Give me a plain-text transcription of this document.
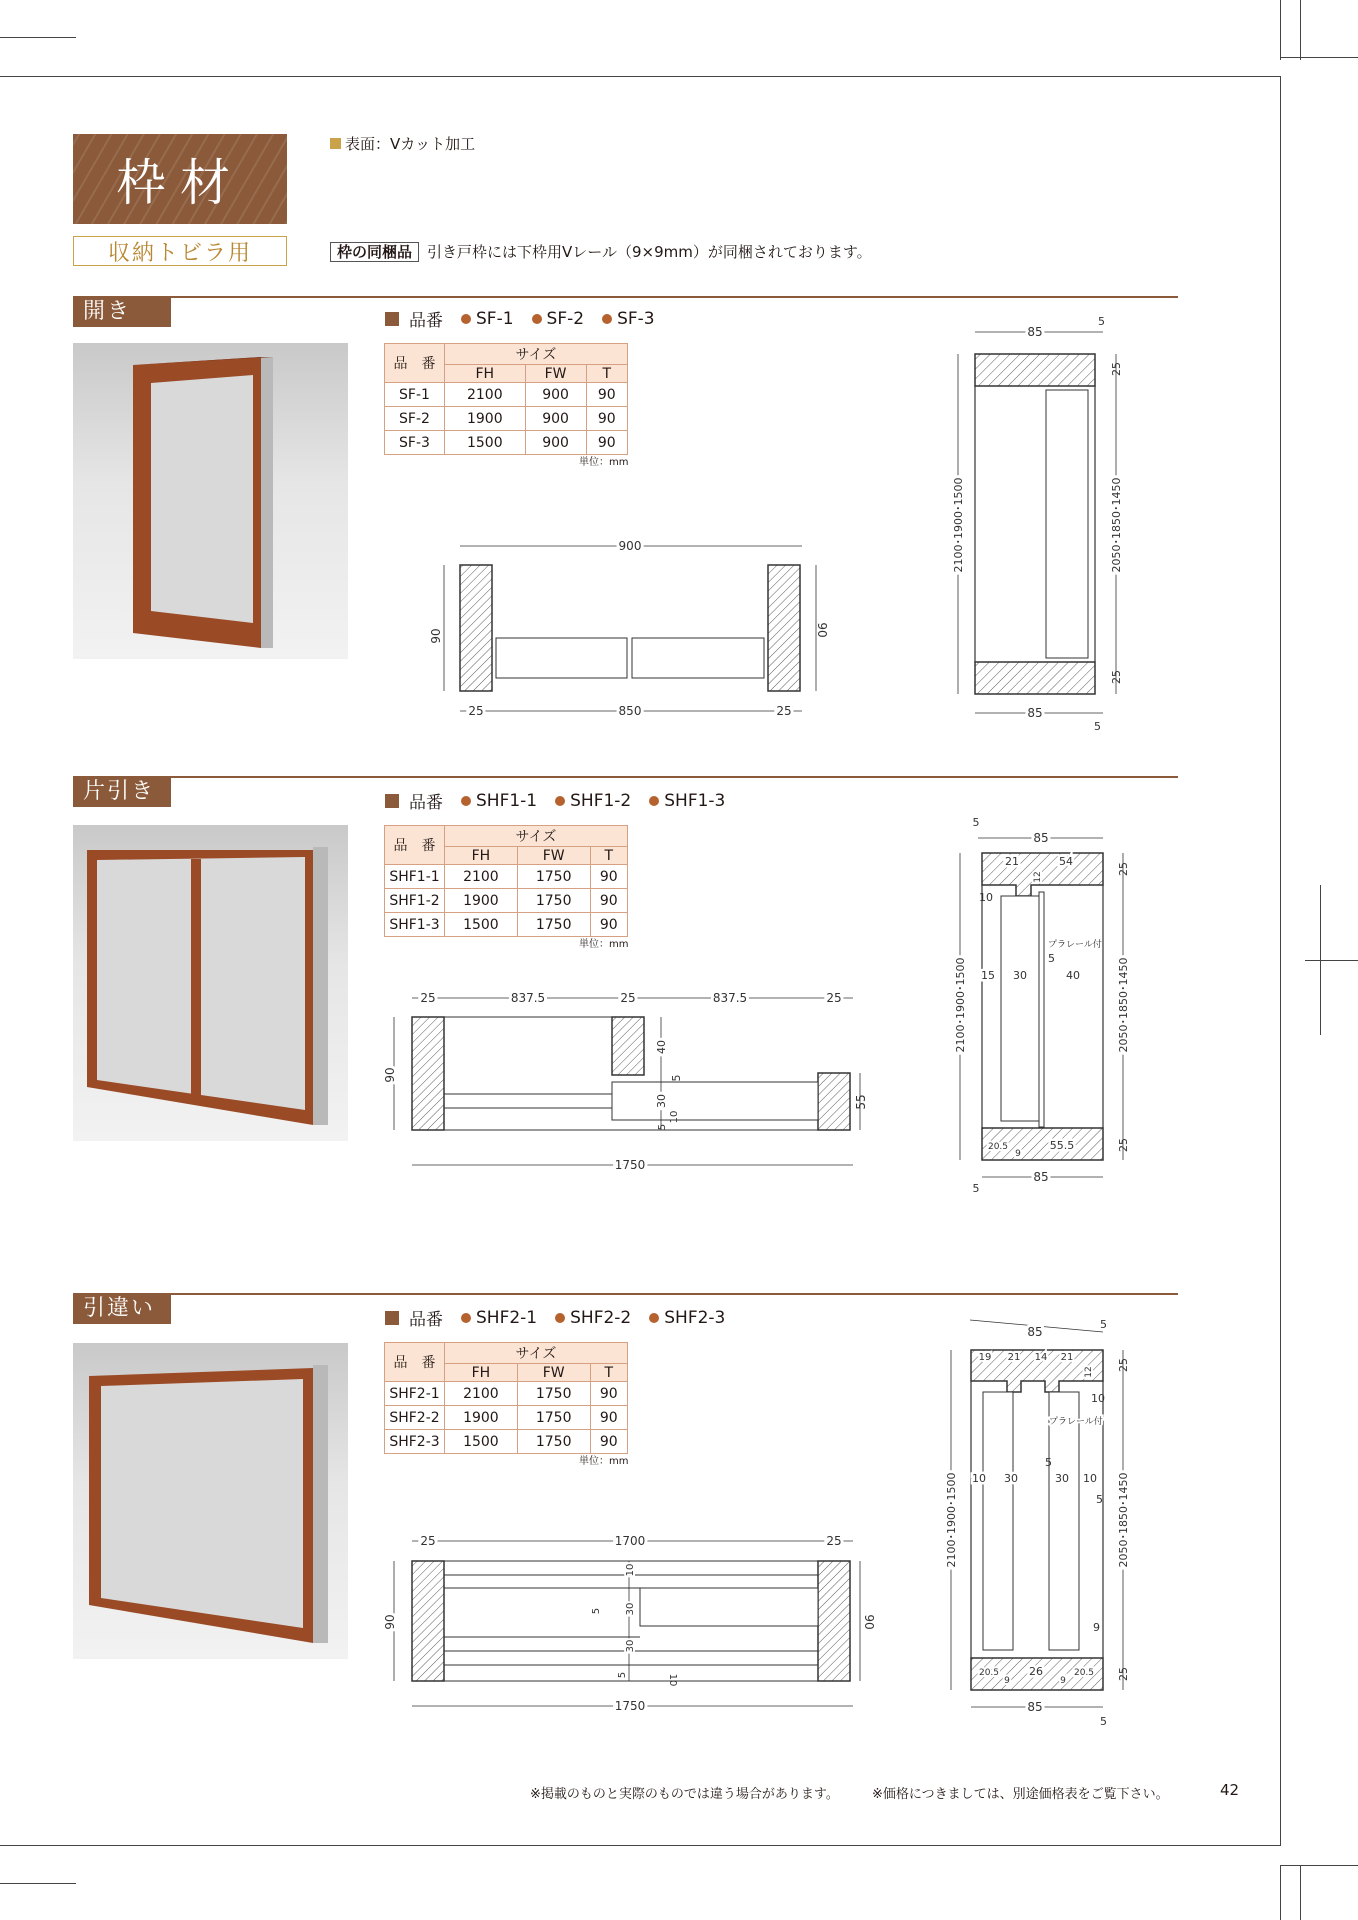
枠材
収納トビラ用
表面：Vカット加工
枠の同梱品	引き戸枠には下枠用Vレール（9×9mm）が同梱されております。
開き	品番 SF-1 SF-2 SF-3
品　番	サイズ		
	FH	FW	T
SF-1	2100	900	90
SF-2	1900	900	90
SF-3	1500	900	90
単位：mm
900
90	90
25	850	25
85
5
2100･1900･1500	2050･1850･1450
25
25
85
5
片引き	品番 SHF1-1 SHF1-2 SHF1-3
品　番	サイズ		
	FH	FW	T
SHF1-1	2100	1750	90
SHF1-2	1900	1750	90
SHF1-3	1500	1750	90
単位：mm
25	837.5	25	837.5	25
90
40
5
30
5
10
55
1750
5
85
21	54
12
10
プラレール付
5
15 30	40
2100･1900･1500	2050･1850･1450
25
25
20.5
9
55.5
85
5
引違い	品番 SHF2-1 SHF2-2 SHF2-3
品　番	サイズ		
	FH	FW	T
SHF2-1	2100	1750	90
SHF2-2	1900	1750	90
SHF2-3	1500	1750	90
単位：mm
25	1700	25
90	90
10
5 30
30
5	10
1750
85
5
19 21 14 21
12
10
プラレール付
5
10 30	30 10
5
2100･1900･1500	2050･1850･1450
25
25
9
20.5
9
26
9
20.5
85
5
※掲載のものと実際のものでは違う場合があります。	※価格につきましては、別途価格表をご覧下さい。	42
